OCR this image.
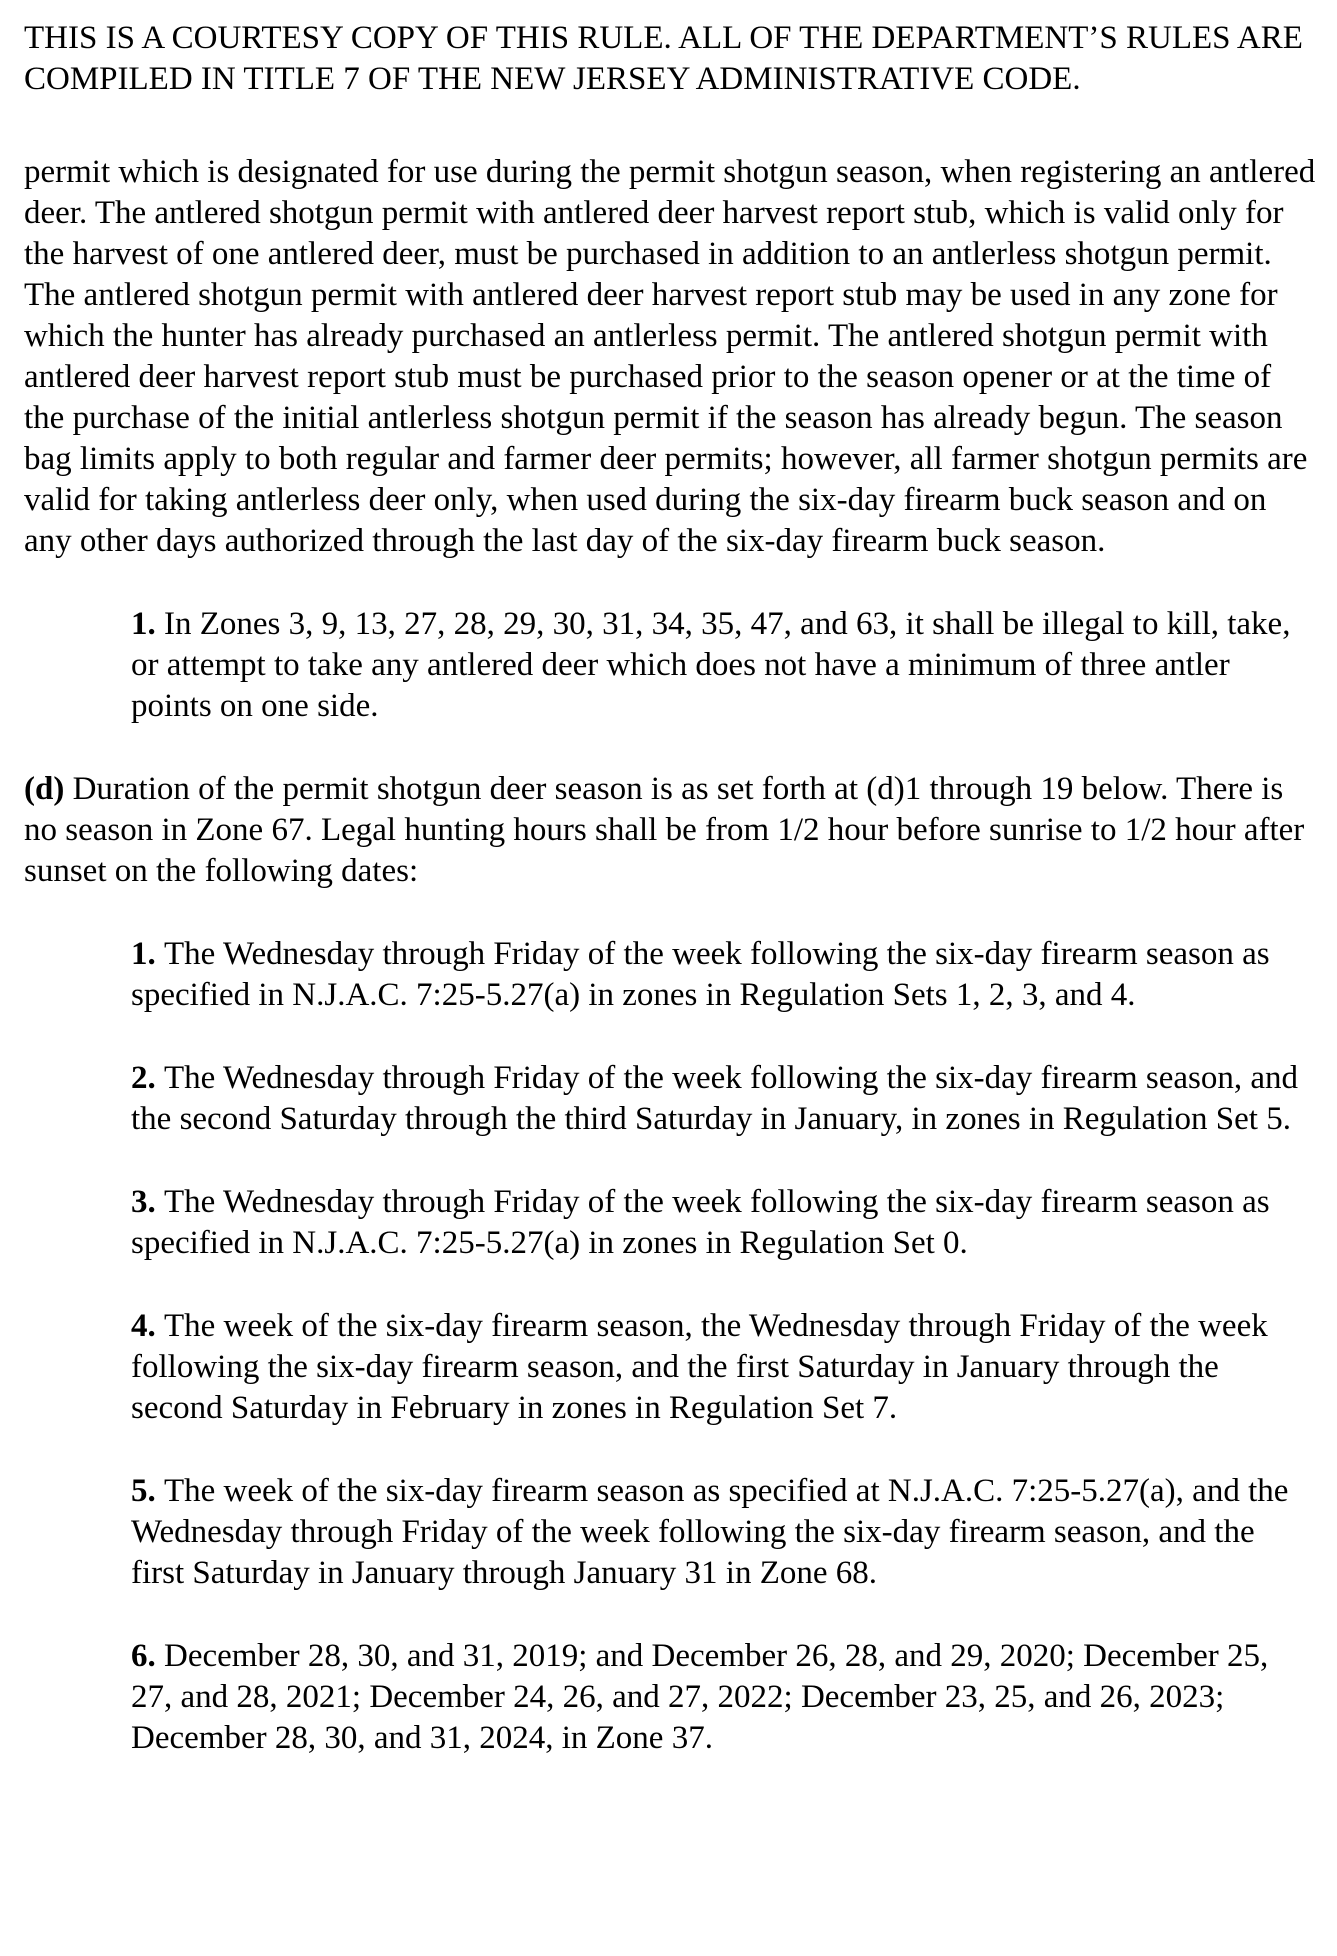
THIS IS A COURTESY COPY OF THIS RULE. ALL OF THE DEPARTMENT’S RULES ARE COMPILED IN TITLE 7 OF THE NEW JERSEY ADMINISTRATIVE CODE.

permit which is designated for use during the permit shotgun season, when registering an antlered deer. The antlered shotgun permit with antlered deer harvest report stub, which is valid only for the harvest of one antlered deer, must be purchased in addition to an antlerless shotgun permit. The antlered shotgun permit with antlered deer harvest report stub may be used in any zone for which the hunter has already purchased an antlerless permit. The antlered shotgun permit with antlered deer harvest report stub must be purchased prior to the season opener or at the time of the purchase of the initial antlerless shotgun permit if the season has already begun. The season bag limits apply to both regular and farmer deer permits; however, all farmer shotgun permits are valid for taking antlerless deer only, when used during the six-day firearm buck season and on any other days authorized through the last day of the six-day firearm buck season.

1. In Zones 3, 9, 13, 27, 28, 29, 30, 31, 34, 35, 47, and 63, it shall be illegal to kill, take, or attempt to take any antlered deer which does not have a minimum of three antler points on one side.

(d) Duration of the permit shotgun deer season is as set forth at (d)1 through 19 below. There is no season in Zone 67. Legal hunting hours shall be from 1/2 hour before sunrise to 1/2 hour after sunset on the following dates:

1. The Wednesday through Friday of the week following the six-day firearm season as specified in N.J.A.C. 7:25-5.27(a) in zones in Regulation Sets 1, 2, 3, and 4.

2. The Wednesday through Friday of the week following the six-day firearm season, and the second Saturday through the third Saturday in January, in zones in Regulation Set 5.

3. The Wednesday through Friday of the week following the six-day firearm season as specified in N.J.A.C. 7:25-5.27(a) in zones in Regulation Set 0.

4. The week of the six-day firearm season, the Wednesday through Friday of the week following the six-day firearm season, and the first Saturday in January through the second Saturday in February in zones in Regulation Set 7.

5. The week of the six-day firearm season as specified at N.J.A.C. 7:25-5.27(a), and the Wednesday through Friday of the week following the six-day firearm season, and the first Saturday in January through January 31 in Zone 68.

6. December 28, 30, and 31, 2019; and December 26, 28, and 29, 2020; December 25, 27, and 28, 2021; December 24, 26, and 27, 2022; December 23, 25, and 26, 2023; December 28, 30, and 31, 2024, in Zone 37.
